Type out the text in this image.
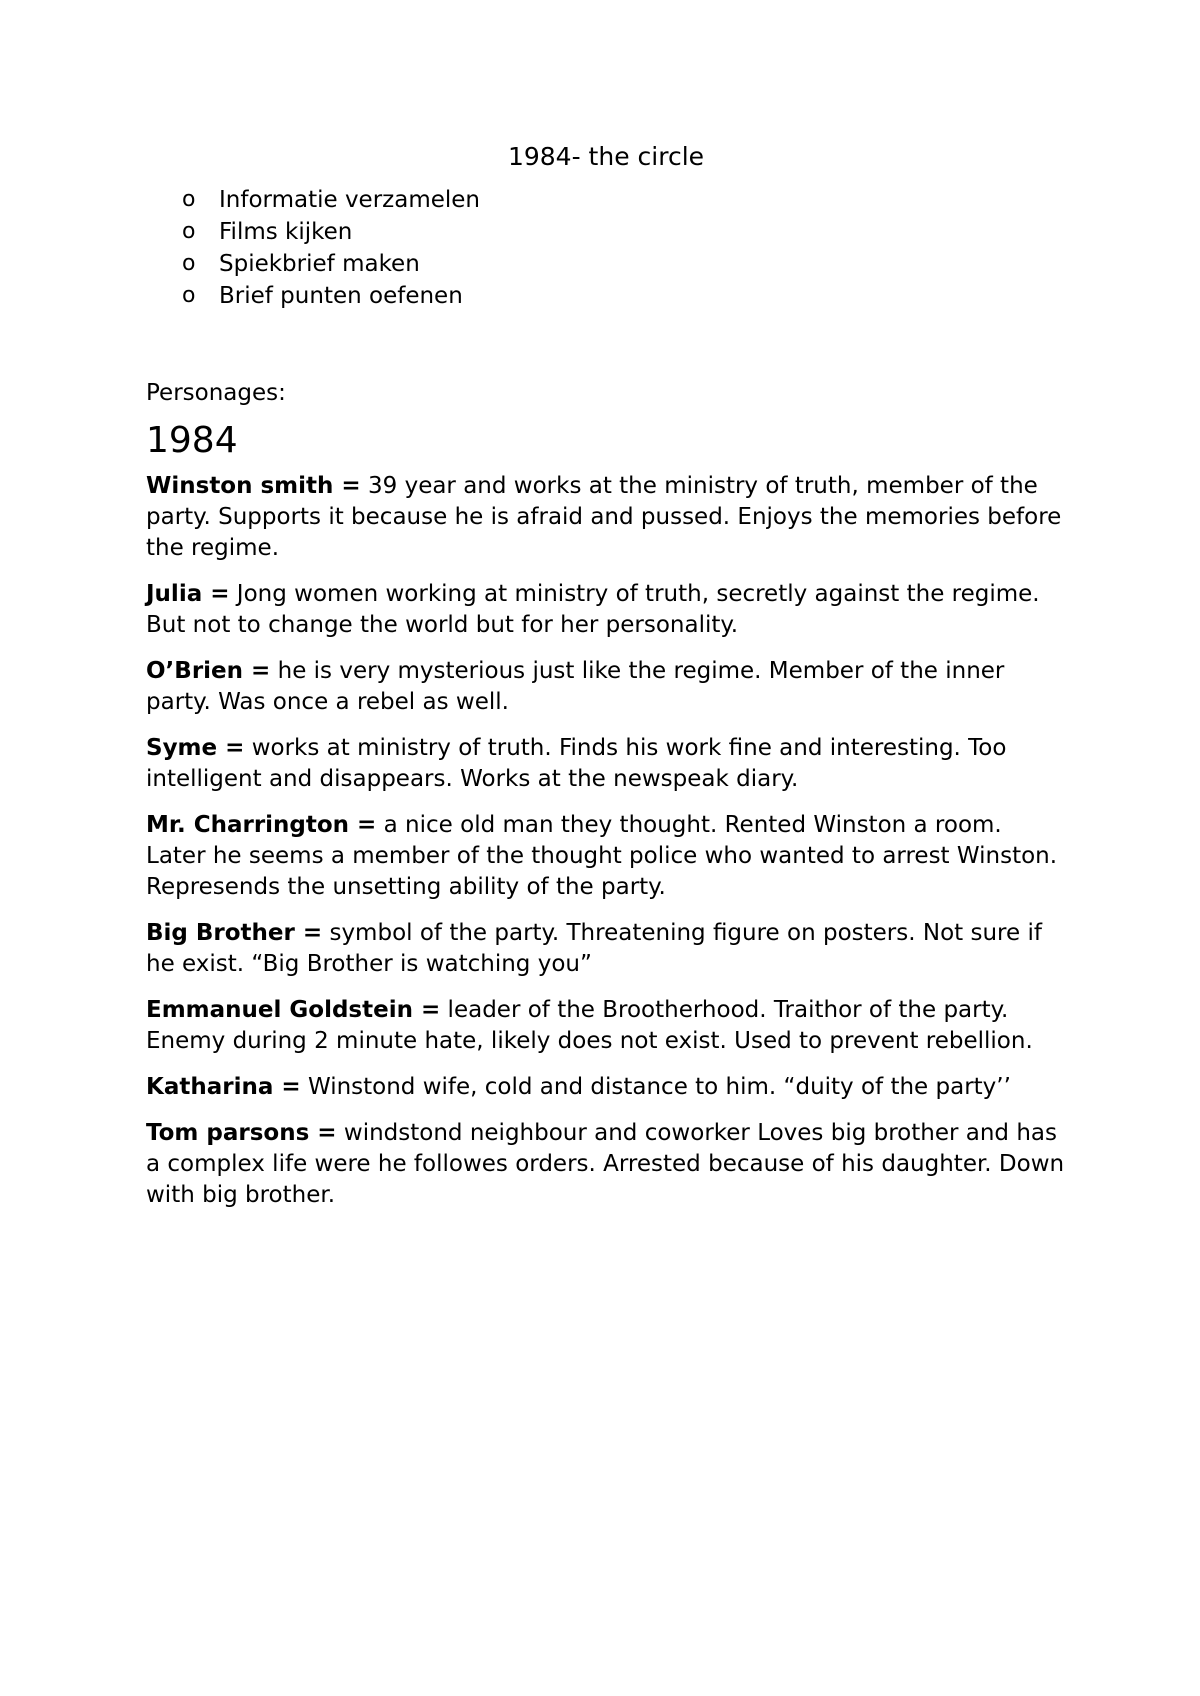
1984- the circle
o Informatie verzamelen
o Films kijken
o Spiekbrief maken
o Brief punten oefenen
Personages:
1984
Winston smith = 39 year and works at the ministry of truth, member of the party. Supports it because he is afraid and pussed. Enjoys the memories before the regime.
Julia = Jong women working at ministry of truth, secretly against the regime. But not to change the world but for her personality.
O’Brien = he is very mysterious just like the regime. Member of the inner party. Was once a rebel as well.
Syme = works at ministry of truth. Finds his work fine and interesting. Too intelligent and disappears. Works at the newspeak diary.
Mr. Charrington = a nice old man they thought. Rented Winston a room. Later he seems a member of the thought police who wanted to arrest Winston. Represends the unsetting ability of the party.
Big Brother = symbol of the party. Threatening figure on posters. Not sure if he exist. “Big Brother is watching you”
Emmanuel Goldstein = leader of the Brootherhood. Traithor of the party. Enemy during 2 minute hate, likely does not exist. Used to prevent rebellion.
Katharina = Winstond wife, cold and distance to him. “duity of the party’’
Tom parsons = windstond neighbour and coworker Loves big brother and has a complex life were he followes orders. Arrested because of his daughter. Down with big brother.
